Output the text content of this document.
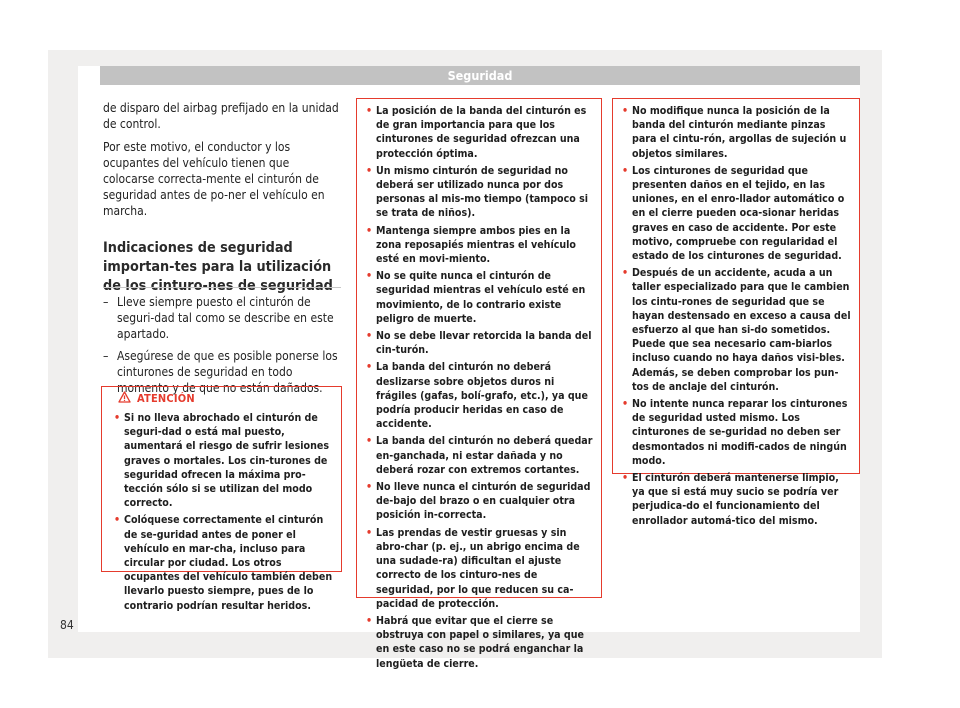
Seguridad

de disparo del airbag prefijado en la unidad de control.

Por este motivo, el conductor y los ocupantes del vehículo tienen que colocarse correcta-mente el cinturón de seguridad antes de po-ner el vehículo en marcha.

Indicaciones de seguridad importan-tes para la utilización de los cinturo-nes de seguridad
– Lleve siempre puesto el cinturón de seguri-dad tal como se describe en este apartado.
– Asegúrese de que es posible ponerse los cinturones de seguridad en todo momento y de que no están dañados.
ATENCIÓN
• Si no lleva abrochado el cinturón de seguri-dad o está mal puesto, aumentará el riesgo de sufrir lesiones graves o mortales. Los cin-turones de seguridad ofrecen la máxima pro-tección sólo si se utilizan del modo correcto.
• Colóquese correctamente el cinturón de se-guridad antes de poner el vehículo en mar-cha, incluso para circular por ciudad. Los otros ocupantes del vehículo también deben llevarlo puesto siempre, pues de lo contrario podrían resultar heridos.
• La posición de la banda del cinturón es de gran importancia para que los cinturones de seguridad ofrezcan una protección óptima.
• Un mismo cinturón de seguridad no deberá ser utilizado nunca por dos personas al mis-mo tiempo (tampoco si se trata de niños).
• Mantenga siempre ambos pies en la zona reposapiés mientras el vehículo esté en movi-miento.
• No se quite nunca el cinturón de seguridad mientras el vehículo esté en movimiento, de lo contrario existe peligro de muerte.
• No se debe llevar retorcida la banda del cin-turón.
• La banda del cinturón no deberá deslizarse sobre objetos duros ni frágiles (gafas, bolí-grafo, etc.), ya que podría producir heridas en caso de accidente.
• La banda del cinturón no deberá quedar en-ganchada, ni estar dañada y no deberá rozar con extremos cortantes.
• No lleve nunca el cinturón de seguridad de-bajo del brazo o en cualquier otra posición in-correcta.
• Las prendas de vestir gruesas y sin abro-char (p. ej., un abrigo encima de una sudade-ra) dificultan el ajuste correcto de los cinturo-nes de seguridad, por lo que reducen su ca-pacidad de protección.
• Habrá que evitar que el cierre se obstruya con papel o similares, ya que en este caso no se podrá enganchar la lengüeta de cierre.
• No modifique nunca la posición de la banda del cinturón mediante pinzas para el cintu-rón, argollas de sujeción u objetos similares.
• Los cinturones de seguridad que presenten daños en el tejido, en las uniones, en el enro-llador automático o en el cierre pueden oca-sionar heridas graves en caso de accidente. Por este motivo, compruebe con regularidad el estado de los cinturones de seguridad.
• Después de un accidente, acuda a un taller especializado para que le cambien los cintu-rones de seguridad que se hayan destensado en exceso a causa del esfuerzo al que han si-do sometidos. Puede que sea necesario cam-biarlos incluso cuando no haya daños visi-bles. Además, se deben comprobar los pun-tos de anclaje del cinturón.
• No intente nunca reparar los cinturones de seguridad usted mismo. Los cinturones de se-guridad no deben ser desmontados ni modifi-cados de ningún modo.
• El cinturón deberá mantenerse limpio, ya que si está muy sucio se podría ver perjudica-do el funcionamiento del enrollador automá-tico del mismo.
84
